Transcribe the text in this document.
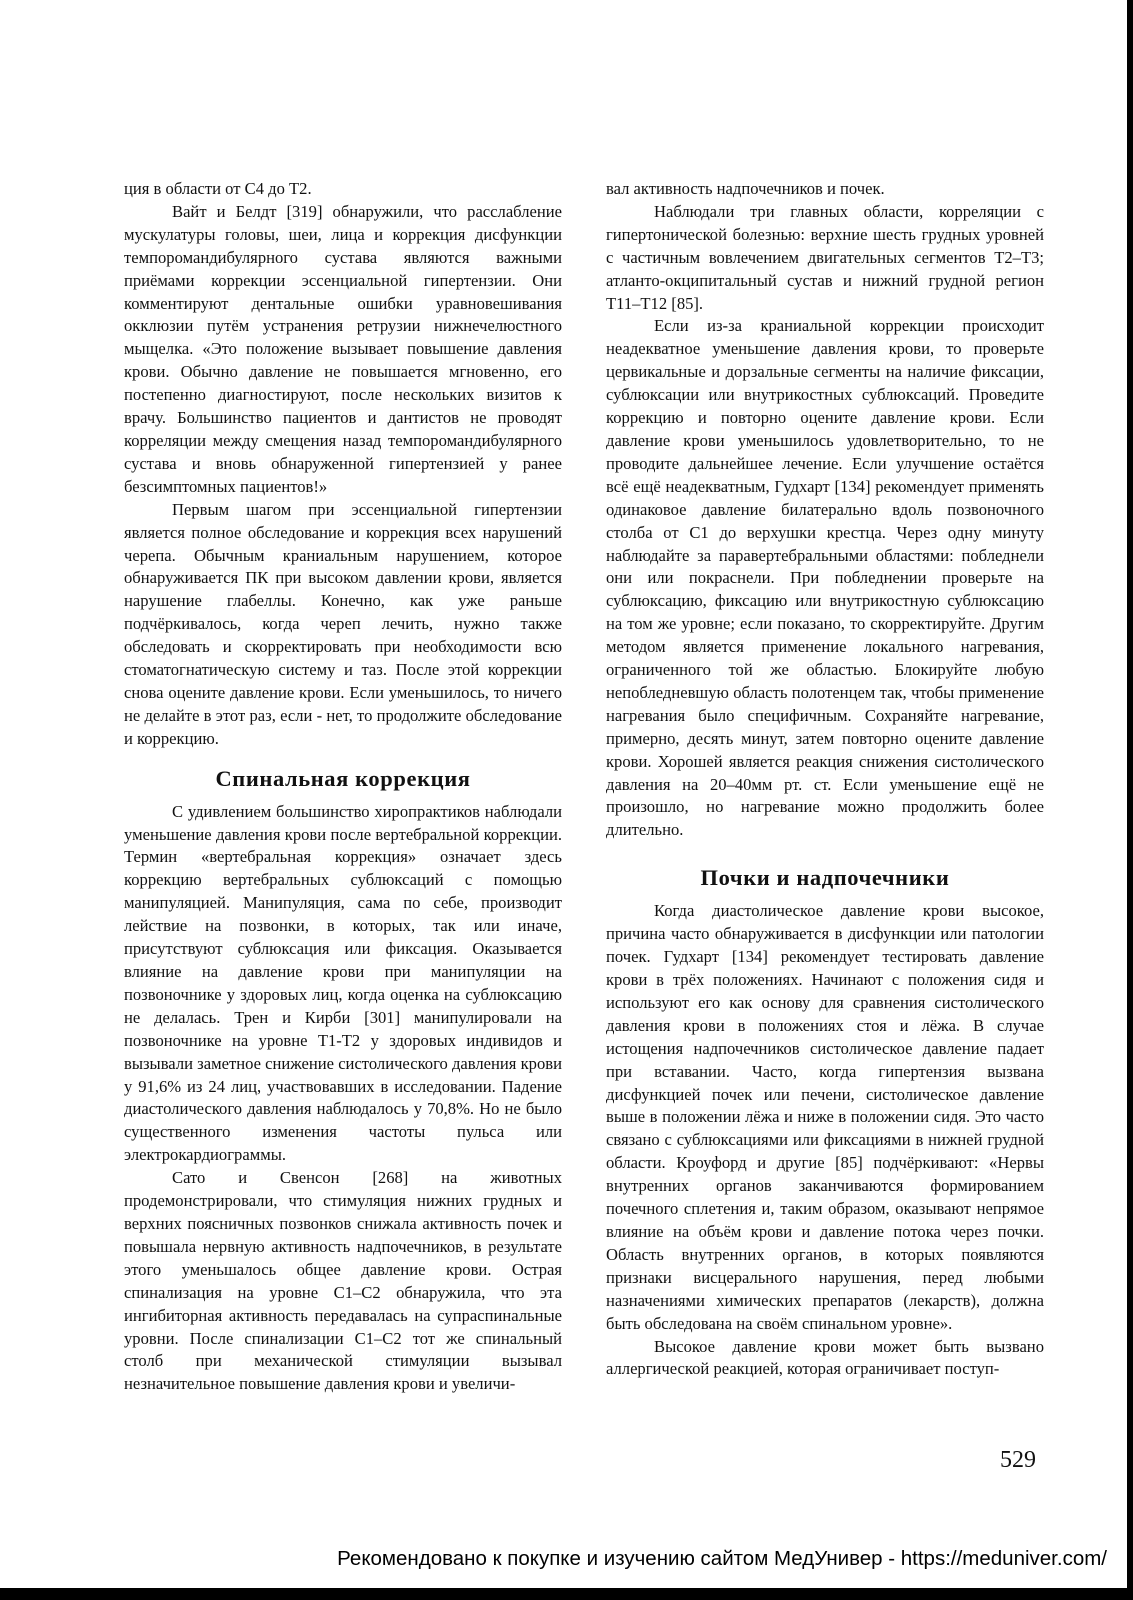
ция в области от С4 до Т2.

Вайт и Белдт [319] обнаружили, что расслабление мускулатуры головы, шеи, лица и коррекция дисфункции темпоромандибулярного сустава являются важными приёмами коррекции эссенциальной гипертензии. Они комментируют дентальные ошибки уравновешивания окклюзии путём устранения ретрузии нижнечелюстного мыщелка. «Это положение вызывает повышение давления крови. Обычно давление не повышается мгновенно, его постепенно диагностируют, после нескольких визитов к врачу. Большинство пациентов и дантистов не проводят корреляции между смещения назад темпоромандибулярного сустава и вновь обнаруженной гипертензией у ранее безсимптомных пациентов!»

Первым шагом при эссенциальной гипертензии является полное обследование и коррекция всех нарушений черепа. Обычным краниальным нарушением, которое обнаруживается ПК при высоком давлении крови, является нарушение глабеллы. Конечно, как уже раньше подчёркивалось, когда череп лечить, нужно также обследовать и скорректировать при необходимости всю стоматогнатическую систему и таз. После этой коррекции снова оцените давление крови. Если уменьшилось, то ничего не делайте в этот раз, если - нет, то продолжите обследование и коррекцию.

Спинальная коррекция

С удивлением большинство хиропрактиков наблюдали уменьшение давления крови после вертебральной коррекции. Термин «вертебральная коррекция» означает здесь коррекцию вертебральных сублюксаций с помощью манипуляцией. Манипуляция, сама по себе, производит лействие на позвонки, в которых, так или иначе, присутствуют сублюксация или фиксация. Оказывается влияние на давление крови при манипуляции на позвоночнике у здоровых лиц, когда оценка на сублюксацию не делалась. Трен и Кирби [301] манипулировали на позвоночнике на уровне Т1-Т2 у здоровых индивидов и вызывали заметное снижение систолического давления крови у 91,6% из 24 лиц, участвовавших в исследовании. Падение диастолического давления наблюдалось у 70,8%. Но не было существенного изменения частоты пульса или электрокардиограммы.

Сато и Свенсон [268] на животных продемонстрировали, что стимуляция нижних грудных и верхних поясничных позвонков снижала активность почек и повышала нервную активность надпочечников, в результате этого уменьшалось общее давление крови. Острая спинализация на уровне С1–С2 обнаружила, что эта ингибиторная активность передавалась на супраспинальные уровни. После спинализации С1–С2 тот же спинальный столб при механической стимуляции вызывал незначительное повышение давления крови и увеличи-

вал активность надпочечников и почек.

Наблюдали три главных области, корреляции с гипертонической болезнью: верхние шесть грудных уровней с частичным вовлечением двигательных сегментов Т2–Т3; атланто-окципитальный сустав и нижний грудной регион Т11–Т12 [85].

Если из-за краниальной коррекции происходит неадекватное уменьшение давления крови, то проверьте цервикальные и дорзальные сегменты на наличие фиксации, сублюксации или внутрикостных сублюксаций. Проведите коррекцию и повторно оцените давление крови. Если давление крови уменьшилось удовлетворительно, то не проводите дальнейшее лечение. Если улучшение остаётся всё ещё неадекватным, Гудхарт [134] рекомендует применять одинаковое давление билатерально вдоль позвоночного столба от С1 до верхушки крестца. Через одну минуту наблюдайте за паравертебральными областями: побледнели они или покраснели. При побледнении проверьте на сублюксацию, фиксацию или внутрикостную сублюксацию на том же уровне; если показано, то скорректируйте. Другим методом является применение локального нагревания, ограниченного той же областью. Блокируйте любую непобледневшую область полотенцем так, чтобы применение нагревания было специфичным. Сохраняйте нагревание, примерно, десять минут, затем повторно оцените давление крови. Хорошей является реакция снижения систолического давления на 20–40мм рт. ст. Если уменьшение ещё не произошло, но нагревание можно продолжить более длительно.

Почки и надпочечники

Когда диастолическое давление крови высокое, причина часто обнаруживается в дисфункции или патологии почек. Гудхарт [134] рекомендует тестировать давление крови в трёх положениях. Начинают с положения сидя и используют его как основу для сравнения систолического давления крови в положениях стоя и лёжа. В случае истощения надпочечников систолическое давление падает при вставании. Часто, когда гипертензия вызвана дисфункцией почек или печени, систолическое давление выше в положении лёжа и ниже в положении сидя. Это часто связано с сублюксациями или фиксациями в нижней грудной области. Кроуфорд и другие [85] подчёркивают: «Нервы внутренних органов заканчиваются формированием почечного сплетения и, таким образом, оказывают непрямое влияние на объём крови и давление потока через почки. Область внутренних органов, в которых появляются признаки висцерального нарушения, перед любыми назначениями химических препаратов (лекарств), должна быть обследована на своём спинальном уровне».

Высокое давление крови может быть вызвано аллергической реакцией, которая ограничивает поступ-

529
Рекомендовано к покупке и изучению сайтом МедУнивер - https://meduniver.com/
